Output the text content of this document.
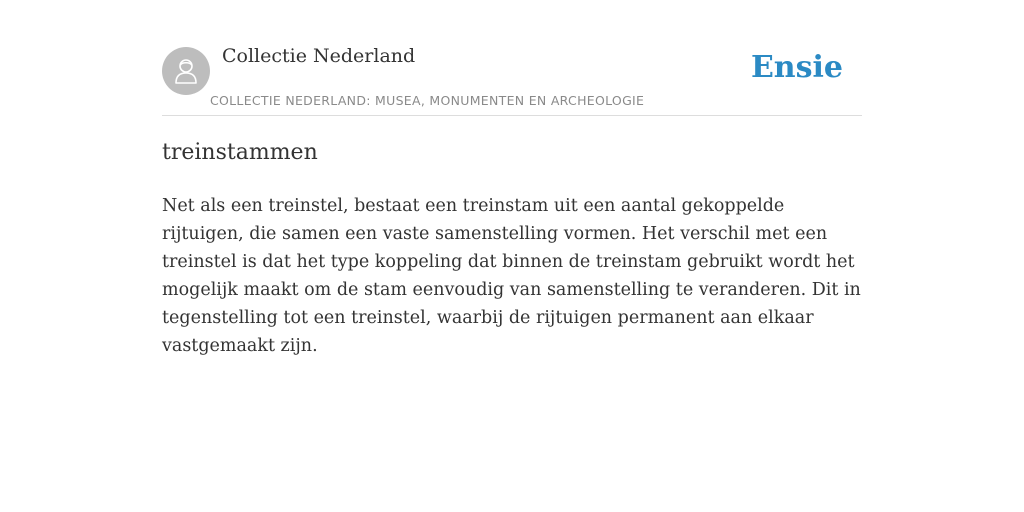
Collectie Nederland
COLLECTIE NEDERLAND: MUSEA, MONUMENTEN EN ARCHEOLOGIE
Ensie
treinstammen

Net als een treinstel, bestaat een treinstam uit een aantal gekoppelde rijtuigen, die samen een vaste samenstelling vormen. Het verschil met een treinstel is dat het type koppeling dat binnen de treinstam gebruikt wordt het mogelijk maakt om de stam eenvoudig van samenstelling te veranderen. Dit in tegenstelling tot een treinstel, waarbij de rijtuigen permanent aan elkaar vastgemaakt zijn.
